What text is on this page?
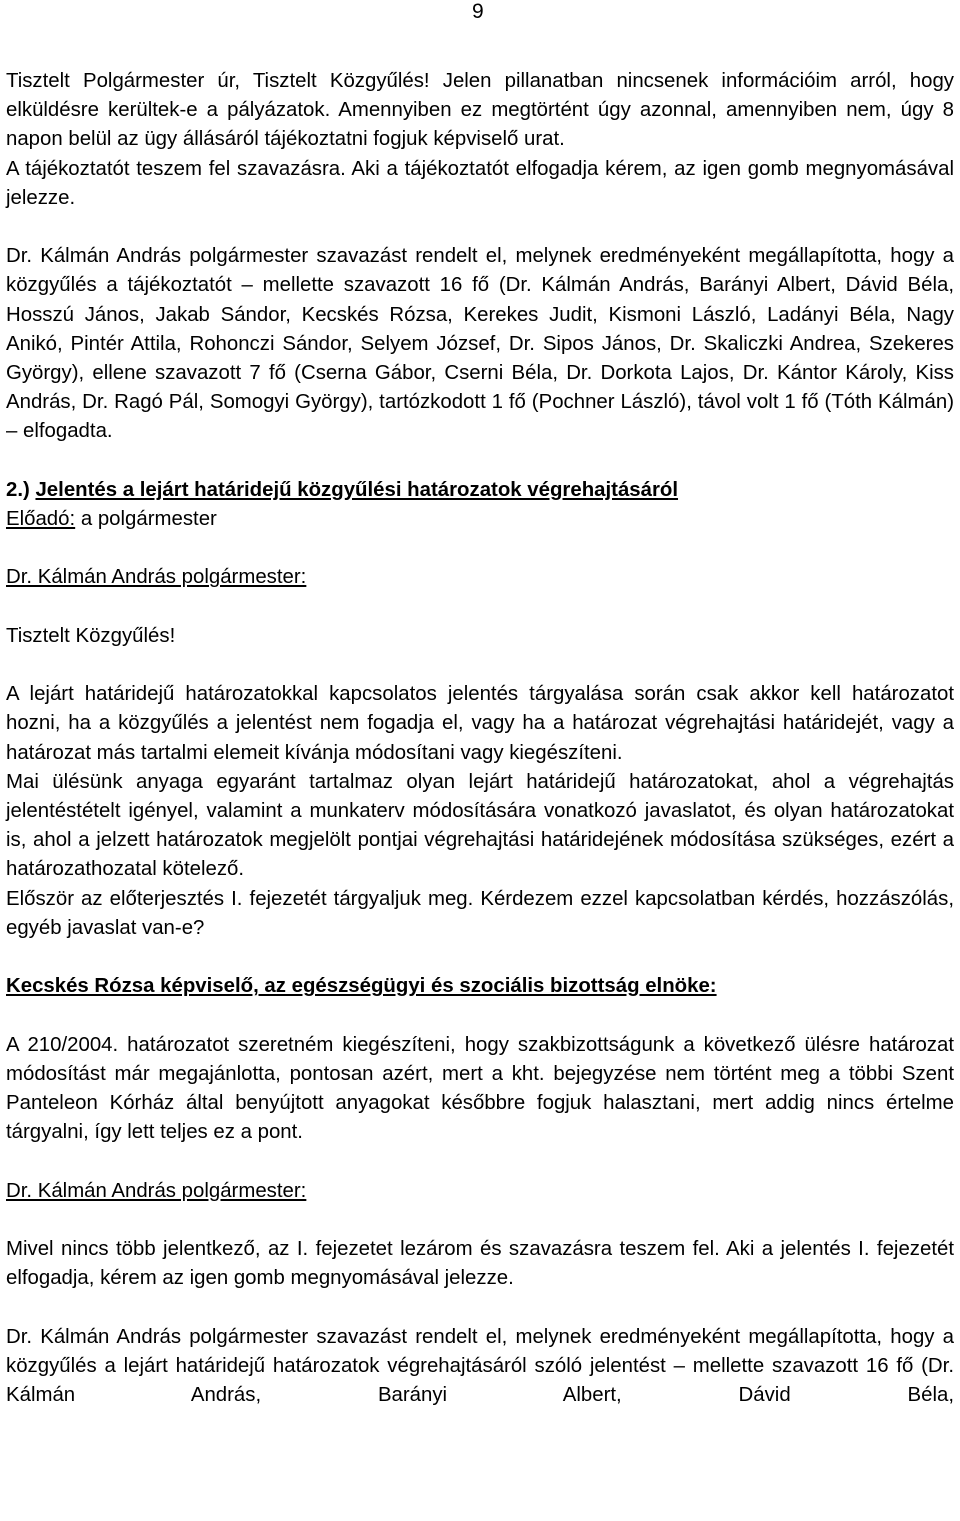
9

Tisztelt Polgármester úr, Tisztelt Közgyűlés! Jelen pillanatban nincsenek információim arról, hogy elküldésre kerültek-e a pályázatok. Amennyiben ez megtörtént úgy azonnal, amennyiben nem, úgy 8 napon belül az ügy állásáról tájékoztatni fogjuk képviselő urat.

A tájékoztatót teszem fel szavazásra. Aki a tájékoztatót elfogadja kérem, az igen gomb megnyomásával jelezze.

Dr. Kálmán András polgármester szavazást rendelt el, melynek eredményeként megállapította, hogy a közgyűlés a tájékoztatót – mellette szavazott 16 fő (Dr. Kálmán András, Barányi Albert, Dávid Béla, Hosszú János, Jakab Sándor, Kecskés Rózsa, Kerekes Judit, Kismoni László, Ladányi Béla, Nagy Anikó, Pintér Attila, Rohonczi Sándor, Selyem József, Dr. Sipos János, Dr. Skaliczki Andrea, Szekeres György), ellene szavazott 7 fő (Cserna Gábor, Cserni Béla, Dr. Dorkota Lajos, Dr. Kántor Károly, Kiss András, Dr. Ragó Pál, Somogyi György), tartózkodott 1 fő (Pochner László), távol volt 1 fő (Tóth Kálmán) – elfogadta.

2.) Jelentés a lejárt határidejű közgyűlési határozatok végrehajtásáról

Előadó: a polgármester

Dr. Kálmán András polgármester:

Tisztelt Közgyűlés!

A lejárt határidejű határozatokkal kapcsolatos jelentés tárgyalása során csak akkor kell határozatot hozni, ha a közgyűlés a jelentést nem fogadja el, vagy ha a határozat végrehajtási határidejét, vagy a határozat más tartalmi elemeit kívánja módosítani vagy kiegészíteni.

Mai ülésünk anyaga egyaránt tartalmaz olyan lejárt határidejű határozatokat, ahol a végrehajtás jelentéstételt igényel, valamint a munkaterv módosítására vonatkozó javaslatot, és olyan határozatokat is, ahol a jelzett határozatok megjelölt pontjai végrehajtási határidejének módosítása szükséges, ezért a határozathozatal kötelező.

Először az előterjesztés I. fejezetét tárgyaljuk meg. Kérdezem ezzel kapcsolatban kérdés, hozzászólás, egyéb javaslat van-e?

Kecskés Rózsa képviselő, az egészségügyi és szociális bizottság elnöke:

A 210/2004. határozatot szeretném kiegészíteni, hogy szakbizottságunk a következő ülésre határozat módosítást már megajánlotta, pontosan azért, mert a kht. bejegyzése nem történt meg a többi Szent Panteleon Kórház által benyújtott anyagokat későbbre fogjuk halasztani, mert addig nincs értelme tárgyalni, így lett teljes ez a pont.

Dr. Kálmán András polgármester:

Mivel nincs több jelentkező, az I. fejezetet lezárom és szavazásra teszem fel. Aki a jelentés I. fejezetét elfogadja, kérem az igen gomb megnyomásával jelezze.

Dr. Kálmán András polgármester szavazást rendelt el, melynek eredményeként megállapította, hogy a közgyűlés a lejárt határidejű határozatok végrehajtásáról szóló jelentést – mellette szavazott 16 fő (Dr. Kálmán András, Barányi Albert, Dávid Béla,
